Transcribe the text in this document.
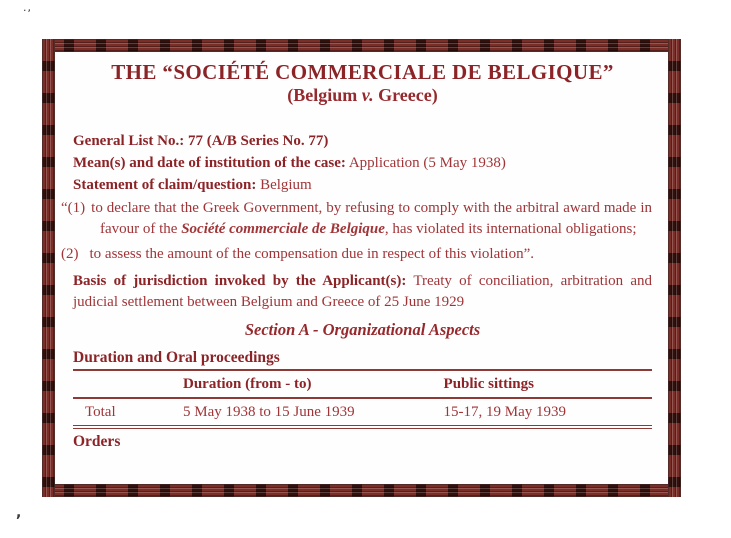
.,
,
THE “SOCIÉTÉ COMMERCIALE DE BELGIQUE”

(Belgium v. Greece)

General List No.: 77 (A/B Series No. 77)
Mean(s) and date of institution of the case: Application (5 May 1938)
Statement of claim/question: Belgium

“(1) to declare that the Greek Government, by refusing to comply with the arbitral award made in favour of the Société commerciale de Belgique, has violated its international obligations;

(2) to assess the amount of the compensation due in respect of this violation”.

Basis of jurisdiction invoked by the Applicant(s): Treaty of conciliation, arbitration and judicial settlement between Belgium and Greece of 25 June 1929

Section A - Organizational Aspects

Duration and Oral proceedings

	Duration (from - to)	Public sittings
Total	5 May 1938 to 15 June 1939	15-17, 19 May 1939

Orders
